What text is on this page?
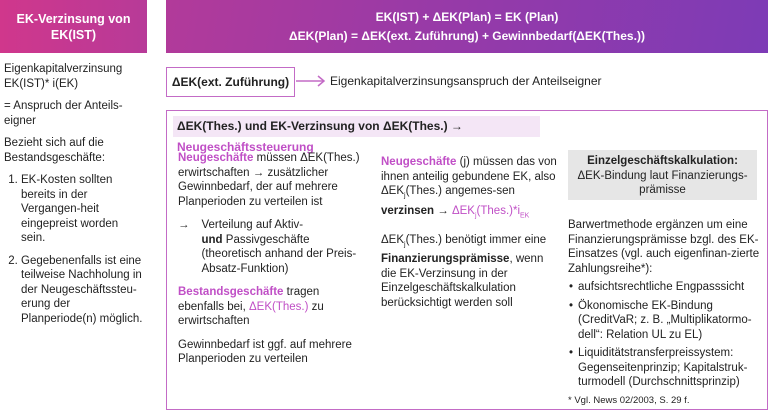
EK-Verzinsung von EK(IST)
EK(IST) + ΔEK(Plan) = EK (Plan)
ΔEK(Plan) = ΔEK(ext. Zuführung) + Gewinnbedarf(ΔEK(Thes.))

Eigenkapitalverzinsung EK(IST)* i(EK)

= Anspruch der Anteils-eigner

Bezieht sich auf die Bestandsgeschäfte:

1. EK-Kosten sollten bereits in der Vergangen-heit eingepreist worden sein.
2. Gegebenenfalls ist eine teilweise Nachholung in der Neugeschäftssteu-erung der Planperiode(n) möglich.
ΔEK(ext. Zuführung)	Eigenkapitalverzinsungsanspruch der Anteilseigner
ΔEK(Thes.) und EK-Verzinsung von ΔEK(Thes.) → Neugeschäftssteuerung

Neugeschäfte müssen ΔEK(Thes.) erwirtschaften → zusätzlicher Gewinnbedarf, der auf mehrere Planperioden zu verteilen ist

→ Verteilung auf Aktiv-
und Passivgeschäfte (theoretisch anhand der Preis-Absatz-Funktion)

Bestandsgeschäfte tragen ebenfalls bei, ΔEK(Thes.) zu erwirtschaften

Gewinnbedarf ist ggf. auf mehrere Planperioden zu verteilen

Neugeschäfte (j) müssen das von ihnen anteilig gebundene EK, also $\Delta EK_j(Thes.)$ angemes-sen verzinsen → $\Delta EK_j(Thes.)*i_{EK}$

$\Delta EK_j(Thes.)$ benötigt immer eine Finanzierungsprämisse, wenn die EK-Verzinsung in der Einzelgeschäftskalkulation berücksichtigt werden soll

Einzelgeschäftskalkulation:
ΔEK-Bindung laut Finanzierungs-prämisse

Barwertmethode ergänzen um eine Finanzierungsprämisse bzgl. des EK-Einsatzes (vgl. auch eigenfinan-zierte Zahlungsreihe*):

• aufsichtsrechtliche Engpasssicht
• Ökonomische EK-Bindung (CreditVaR; z. B. „Multiplikatormo-dell“: Relation UL zu EL)
• Liquiditätstransferpreissystem: Gegenseitenprinzip; Kapitalstruk-turmodell (Durchschnittsprinzip)
* Vgl. News 02/2003, S. 29 f.
